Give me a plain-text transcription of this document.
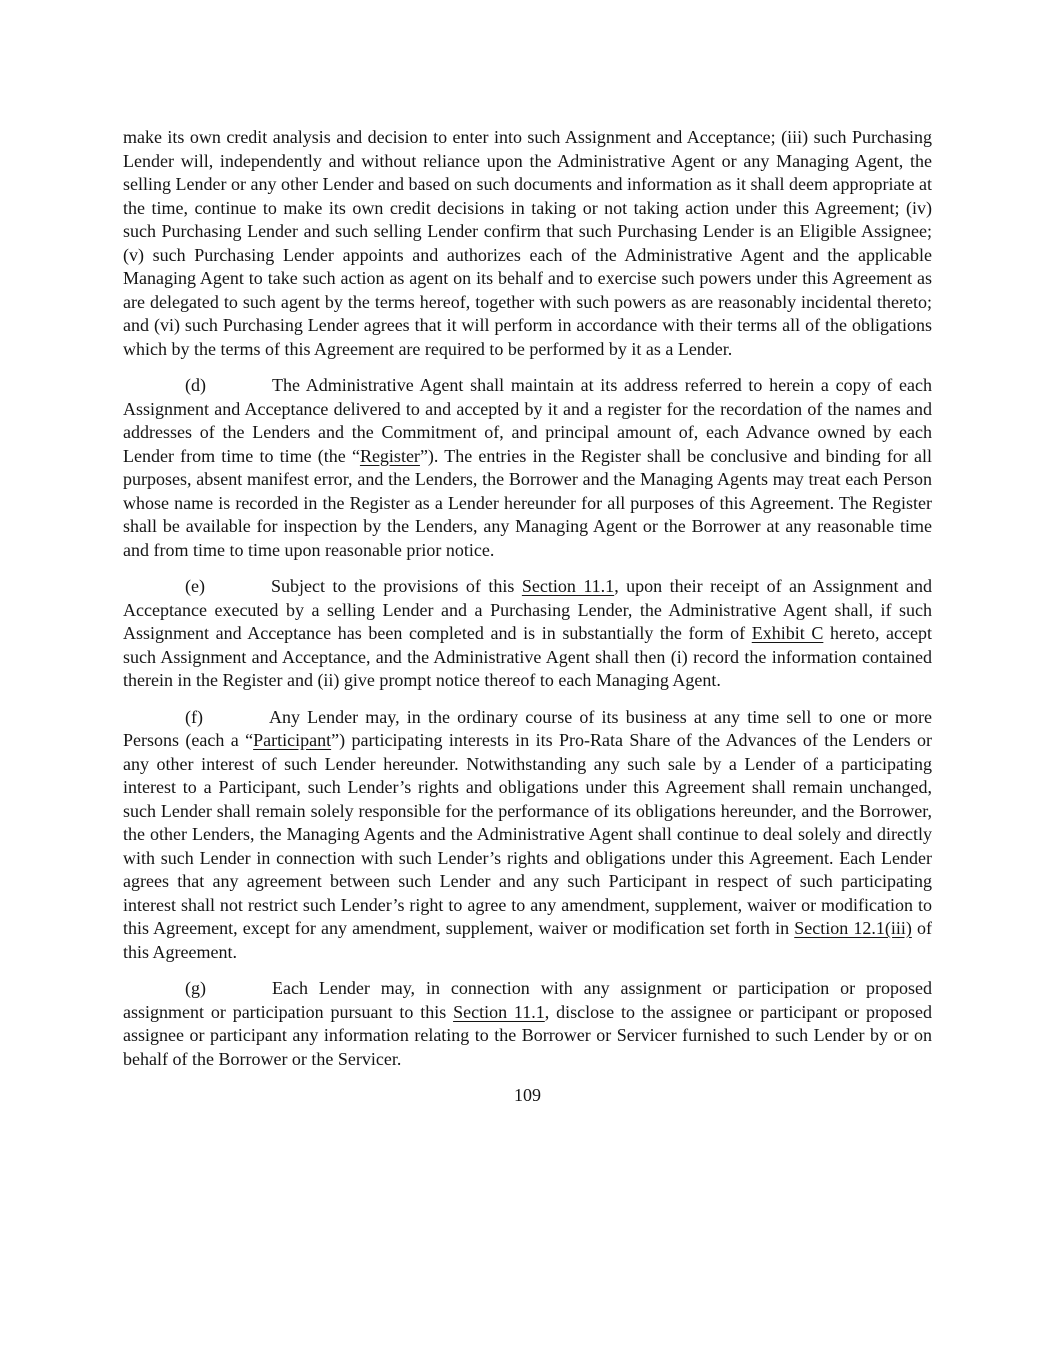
make its own credit analysis and decision to enter into such Assignment and Acceptance; (iii) such Purchasing Lender will, independently and without reliance upon the Administrative Agent or any Managing Agent, the selling Lender or any other Lender and based on such documents and information as it shall deem appropriate at the time, continue to make its own credit decisions in taking or not taking action under this Agreement; (iv) such Purchasing Lender and such selling Lender confirm that such Purchasing Lender is an Eligible Assignee; (v) such Purchasing Lender appoints and authorizes each of the Administrative Agent and the applicable Managing Agent to take such action as agent on its behalf and to exercise such powers under this Agreement as are delegated to such agent by the terms hereof, together with such powers as are reasonably incidental thereto; and (vi) such Purchasing Lender agrees that it will perform in accordance with their terms all of the obligations which by the terms of this Agreement are required to be performed by it as a Lender.

(d)	The Administrative Agent shall maintain at its address referred to herein a copy of each Assignment and Acceptance delivered to and accepted by it and a register for the recordation of the names and addresses of the Lenders and the Commitment of, and principal amount of, each Advance owned by each Lender from time to time (the “Register”). The entries in the Register shall be conclusive and binding for all purposes, absent manifest error, and the Lenders, the Borrower and the Managing Agents may treat each Person whose name is recorded in the Register as a Lender hereunder for all purposes of this Agreement. The Register shall be available for inspection by the Lenders, any Managing Agent or the Borrower at any reasonable time and from time to time upon reasonable prior notice.

(e)	Subject to the provisions of this Section 11.1, upon their receipt of an Assignment and Acceptance executed by a selling Lender and a Purchasing Lender, the Administrative Agent shall, if such Assignment and Acceptance has been completed and is in substantially the form of Exhibit C hereto, accept such Assignment and Acceptance, and the Administrative Agent shall then (i) record the information contained therein in the Register and (ii) give prompt notice thereof to each Managing Agent.

(f)	Any Lender may, in the ordinary course of its business at any time sell to one or more Persons (each a “Participant”) participating interests in its Pro-Rata Share of the Advances of the Lenders or any other interest of such Lender hereunder. Notwithstanding any such sale by a Lender of a participating interest to a Participant, such Lender’s rights and obligations under this Agreement shall remain unchanged, such Lender shall remain solely responsible for the performance of its obligations hereunder, and the Borrower, the other Lenders, the Managing Agents and the Administrative Agent shall continue to deal solely and directly with such Lender in connection with such Lender’s rights and obligations under this Agreement. Each Lender agrees that any agreement between such Lender and any such Participant in respect of such participating interest shall not restrict such Lender’s right to agree to any amendment, supplement, waiver or modification to this Agreement, except for any amendment, supplement, waiver or modification set forth in Section 12.1(iii) of this Agreement.

(g)	Each Lender may, in connection with any assignment or participation or proposed assignment or participation pursuant to this Section 11.1, disclose to the assignee or participant or proposed assignee or participant any information relating to the Borrower or Servicer furnished to such Lender by or on behalf of the Borrower or the Servicer.

109
